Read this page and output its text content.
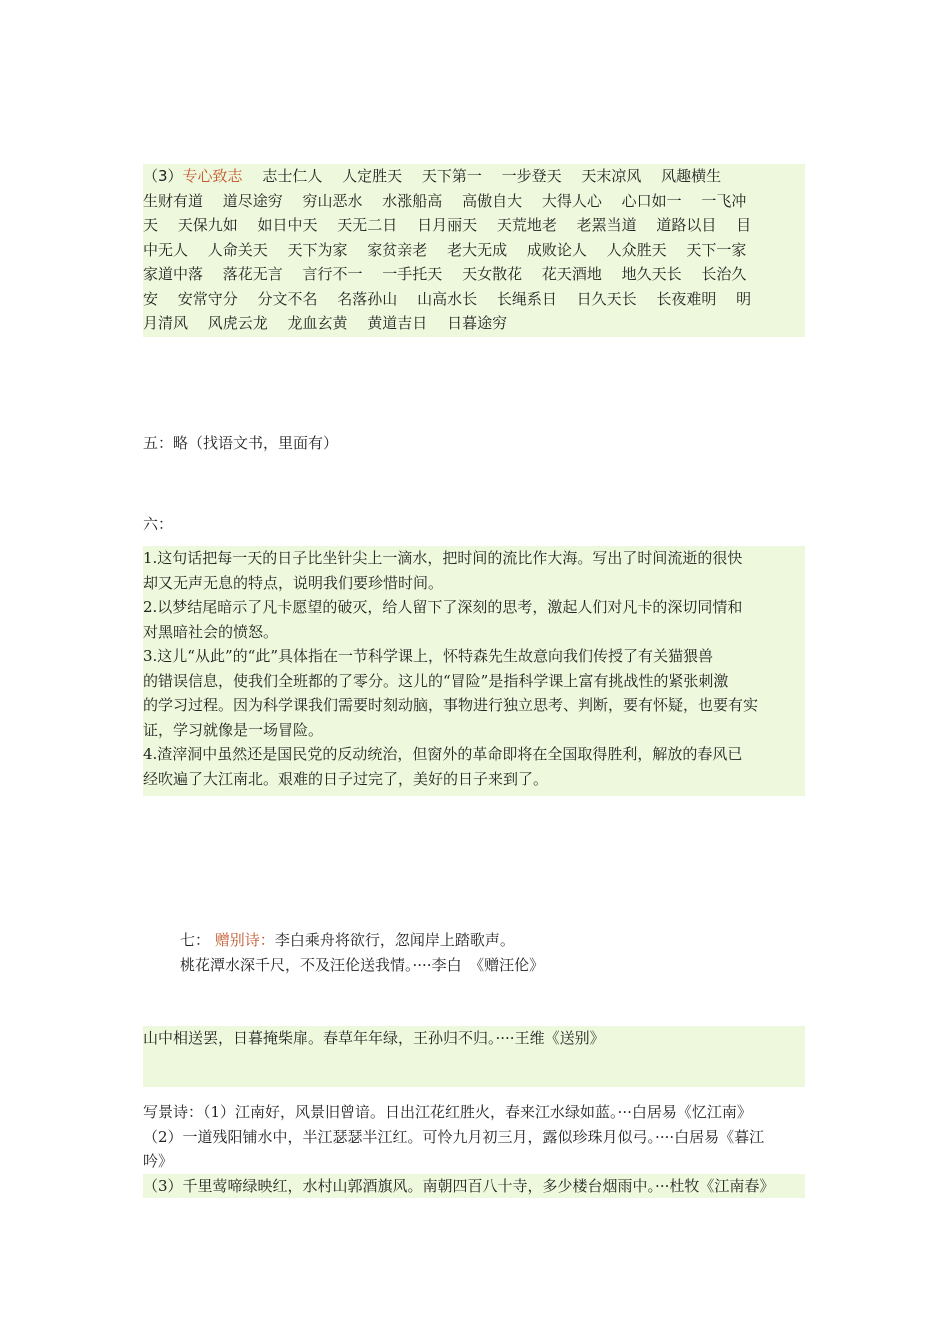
（3）专心致志　 志士仁人　 人定胜天　 天下第一　 一步登天　 天末凉风　 风趣横生
生财有道　 道尽途穷　 穷山恶水　 水涨船高　 高傲自大　 大得人心　 心口如一　 一飞冲
天　 天保九如　 如日中天　 天无二日　 日月丽天　 天荒地老　 老罴当道　 道路以目　 目
中无人　 人命关天　 天下为家　 家贫亲老　 老大无成　 成败论人　 人众胜天　 天下一家
家道中落　 落花无言　 言行不一　 一手托天　 天女散花　 花天酒地　 地久天长　 长治久
安　 安常守分　 分文不名　 名落孙山　 山高水长　 长绳系日　 日久天长　 长夜难明　 明
月清风　 风虎云龙　 龙血玄黄　 黄道吉日　 日暮途穷
五：略（找语文书，里面有）
六：
1.这句话把每一天的日子比坐针尖上一滴水，把时间的流比作大海。写出了时间流逝的很快
却又无声无息的特点，说明我们要珍惜时间。
2.以梦结尾暗示了凡卡愿望的破灭，给人留下了深刻的思考，激起人们对凡卡的深切同情和
对黑暗社会的愤怒。
3.这儿“从此”的“此”具体指在一节科学课上，怀特森先生故意向我们传授了有关猫猥兽
的错误信息，使我们全班都的了零分。这儿的“冒险”是指科学课上富有挑战性的紧张刺激
的学习过程。因为科学课我们需要时刻动脑，事物进行独立思考、判断，要有怀疑，也要有实
证，学习就像是一场冒险。
4.渣滓洞中虽然还是国民党的反动统治，但窗外的革命即将在全国取得胜利，解放的春风已
经吹遍了大江南北。艰难的日子过完了，美好的日子来到了。
七： 赠别诗：李白乘舟将欲行，忽闻岸上踏歌声。
桃花潭水深千尺，不及汪伦送我情。····李白　《赠汪伦》
山中相送罢，日暮掩柴扉。春草年年绿，王孙归不归。····王维《送别》
写景诗：（1）江南好，风景旧曾谙。日出江花红胜火，春来江水绿如蓝。···白居易《忆江南》
（2）一道残阳铺水中，半江瑟瑟半江红。可怜九月初三月，露似珍珠月似弓。····白居易《暮江
吟》
（3）千里莺啼绿映红，水村山郭酒旗风。南朝四百八十寺，多少楼台烟雨中。···杜牧《江南春》
